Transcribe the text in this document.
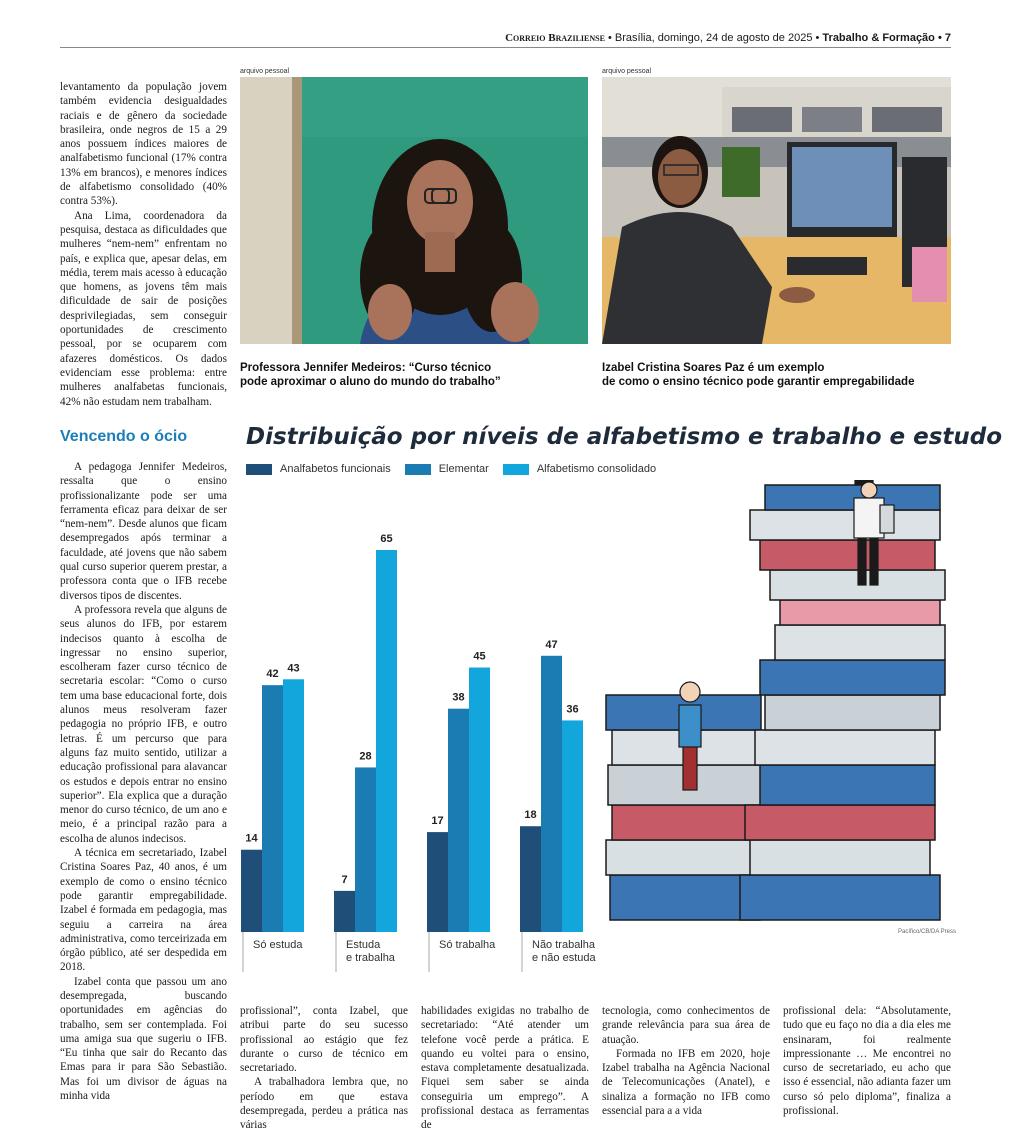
Correio Braziliense • Brasília, domingo, 24 de agosto de 2025 • Trabalho & Formação • 7

levantamento da população jovem também evidencia desigualdades raciais e de gênero da sociedade brasileira, onde negros de 15 a 29 anos possuem índices maiores de analfabetismo funcional (17% contra 13% em brancos), e menores índices de alfabetismo consolidado (40% contra 53%).

Ana Lima, coordenadora da pesquisa, destaca as dificuldades que mulheres “nem-nem” enfrentam no país, e explica que, apesar delas, em média, terem mais acesso à educação que homens, as jovens têm mais dificuldade de sair de posições desprivilegiadas, sem conseguir oportunidades de crescimento pessoal, por se ocuparem com afazeres domésticos. Os dados evidenciam esse problema: entre mulheres analfabetas funcionais, 42% não estudam nem trabalham.

Vencendo o ócio

A pedagoga Jennifer Medeiros, ressalta que o ensino profissionalizante pode ser uma ferramenta eficaz para deixar de ser “nem-nem”. Desde alunos que ficam desempregados após terminar a faculdade, até jovens que não sabem qual curso superior querem prestar, a professora conta que o IFB recebe diversos tipos de discentes.

A professora revela que alguns de seus alunos do IFB, por estarem indecisos quanto à escolha de ingressar no ensino superior, escolheram fazer curso técnico de secretaria escolar: “Como o curso tem uma base educacional forte, dois alunos meus resolveram fazer pedagogia no próprio IFB, e outro letras. É um percurso que para alguns faz muito sentido, utilizar a educação profissional para alavancar os estudos e depois entrar no ensino superior”. Ela explica que a duração menor do curso técnico, de um ano e meio, é a principal razão para a escolha de alunos indecisos.

A técnica em secretariado, Izabel Cristina Soares Paz, 40 anos, é um exemplo de como o ensino técnico pode garantir empregabilidade. Izabel é formada em pedagogia, mas seguiu a carreira na área administrativa, como terceirizada em órgão público, até ser despedida em 2018.

Izabel conta que passou um ano desempregada, buscando oportunidades em agências do trabalho, sem ser contemplada. Foi uma amiga sua que sugeriu o IFB. “Eu tinha que sair do Recanto das Emas para ir para São Sebastião. Mas foi um divisor de águas na minha vida

arquivo pessoal
Professora Jennifer Medeiros: “Curso técnico
pode aproximar o aluno do mundo do trabalho”
arquivo pessoal
Izabel Cristina Soares Paz é um exemplo
de como o ensino técnico pode garantir empregabilidade
Distribuição por níveis de alfabetismo e trabalho e estudo
Analfabetos funcionais	Elementar	Alfabetismo consolidado
14
42 43
Só estuda
7
28
65
Estuda
e trabalha
17
38
45
Só trabalha
18
47
36
Não trabalha
e não estuda
Pacífico/CB/DA Press

profissional”, conta Izabel, que atribui parte do seu sucesso profissional ao estágio que fez durante o curso de técnico em secretariado.

A trabalhadora lembra que, no período em que estava desempregada, perdeu a prática nas várias

habilidades exigidas no trabalho de secretariado: “Até atender um telefone você perde a prática. E quando eu voltei para o ensino, estava completamente desatualizada. Fiquei sem saber se ainda conseguiria um emprego”. A profissional destaca as ferramentas de

tecnologia, como conhecimentos de grande relevância para sua área de atuação.

Formada no IFB em 2020, hoje Izabel trabalha na Agência Nacional de Telecomunicações (Anatel), e sinaliza a formação no IFB como essencial para a a vida

profissional dela: “Absolutamente, tudo que eu faço no dia a dia eles me ensinaram, foi realmente impressionante … Me encontrei no curso de secretariado, eu acho que isso é essencial, não adianta fazer um curso só pelo diploma”, finaliza a profissional.
